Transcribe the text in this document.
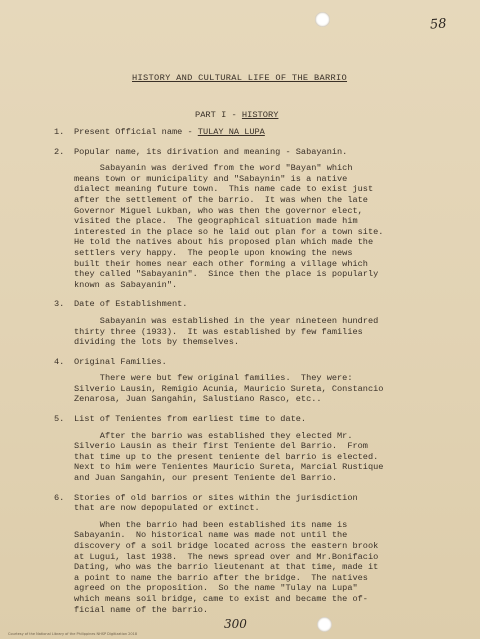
58
HISTORY AND CULTURAL LIFE OF THE BARRIO
PART I - HISTORY
1.	Present Official name - TULAY NA LUPA
2.	Popular name, its dirivation and meaning - Sabayanin.
Sabayanin was derived from the word "Bayan" which
means town or municipality and "Sabaynin" is a native
dialect meaning future town.  This name cade to exist just
after the settlement of the barrio.  It was when the late
Governor Miguel Lukban, who was then the governor elect,
visited the place.  The geographical situation made him
interested in the place so he laid out plan for a town site.
He told the natives about his proposed plan which made the
settlers very happy.  The people upon knowing the news
built their homes near each other forming a village which
they called "Sabayanin".  Since then the place is popularly
known as Sabayanin".
3.	Date of Establishment.
Sabayanin was established in the year nineteen hundred
thirty three (1933).  It was established by few families
dividing the lots by themselves.
4.	Original Families.
There were but few original families.  They were:
Silverio Lausin, Remigio Acunia, Mauricio Sureta, Constancio
Zenarosa, Juan Sangahin, Salustiano Rasco, etc..
5.	List of Tenientes from earliest time to date.
After the barrio was established they elected Mr.
Silverio Lausin as their first Teniente del Barrio.  From
that time up to the present teniente del barrio is elected.
Next to him were Tenientes Mauricio Sureta, Marcial Rustique
and Juan Sangahin, our present Teniente del Barrio.
6.	Stories of old barrios or sites within the jurisdiction
that are now depopulated or extinct.
When the barrio had been established its name is
Sabayanin.  No historical name was made not until the
discovery of a soil bridge located across the eastern brook
at Lugui, last 1938.  The news spread over and Mr.Bonifacio
Dating, who was the barrio lieutenant at that time, made it
a point to name the barrio after the bridge.  The natives
agreed on the proposition.  So the name "Tulay na Lupa"
which means soil bridge, came to exist and became the of-
ficial name of the barrio.
300
Courtesy of the National Library of the Philippines NHSP Digitization 2018
